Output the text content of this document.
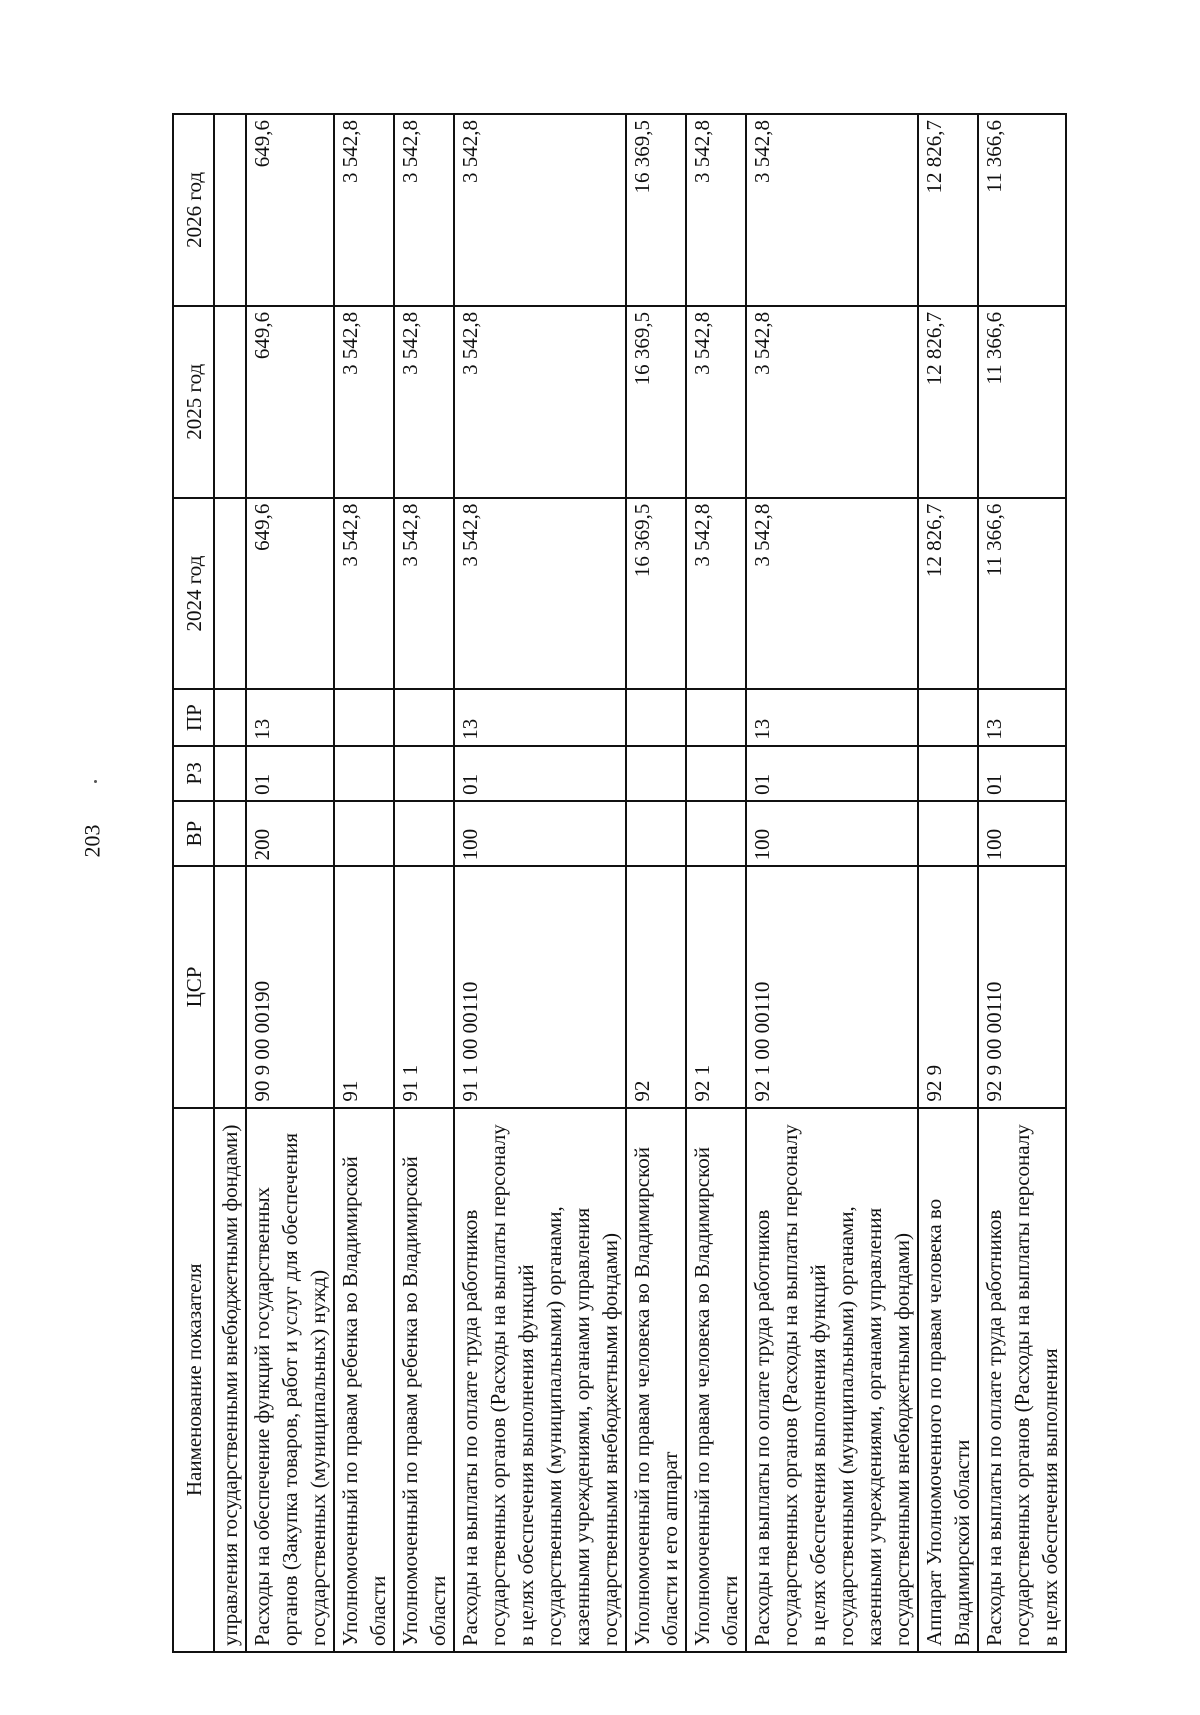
203
Наименование показателя	ЦСР	ВР	РЗ	ПР	2024 год	2025 год	2026 год
управления государственными внебюджетными фондами)							
Расходы на обеспечение функций государственных органов (Закупка товаров, работ и услуг для обеспечения государственных (муниципальных) нужд)	90 9 00 00190	200	01	13	649,6	649,6	649,6
Уполномоченный по правам ребенка во Владимирской области	91				3 542,8	3 542,8	3 542,8
Уполномоченный по правам ребенка во Владимирской области	91 1				3 542,8	3 542,8	3 542,8
Расходы на выплаты по оплате труда работников государственных органов (Расходы на выплаты персоналу в целях обеспечения выполнения функций государственными (муниципальными) органами, казенными учреждениями, органами управления государственными внебюджетными фондами)	91 1 00 00110	100	01	13	3 542,8	3 542,8	3 542,8
Уполномоченный по правам человека во Владимирской области и его аппарат	92				16 369,5	16 369,5	16 369,5
Уполномоченный по правам человека во Владимирской области	92 1				3 542,8	3 542,8	3 542,8
Расходы на выплаты по оплате труда работников государственных органов (Расходы на выплаты персоналу в целях обеспечения выполнения функций государственными (муниципальными) органами, казенными учреждениями, органами управления государственными внебюджетными фондами)	92 1 00 00110	100	01	13	3 542,8	3 542,8	3 542,8
Аппарат Уполномоченного по правам человека во Владимирской области	92 9				12 826,7	12 826,7	12 826,7
Расходы на выплаты по оплате труда работников государственных органов (Расходы на выплаты персоналу в целях обеспечения выполнения	92 9 00 00110	100	01	13	11 366,6	11 366,6	11 366,6
